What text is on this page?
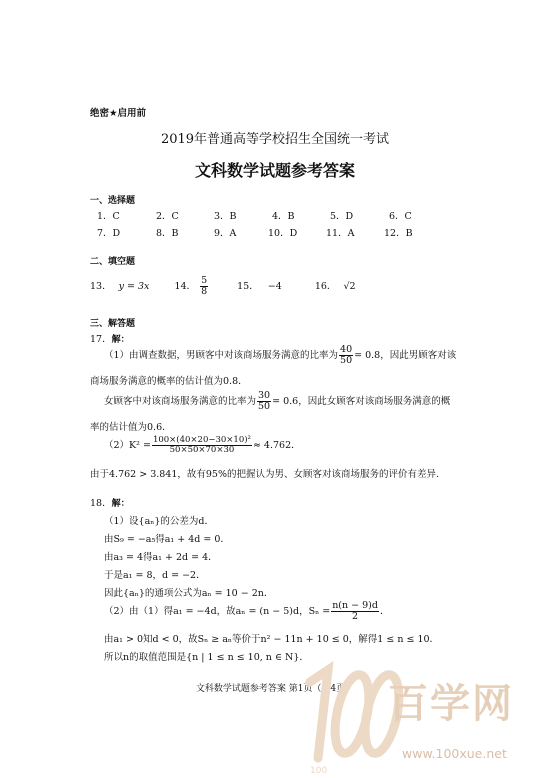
绝密★启用前
2019年普通高等学校招生全国统一考试
文科数学试题参考答案
一、选择题
1．C	2．C	3．B	4．B	5．D	6．C
7．D	8．B	9．A	10．D	11．A	12．B
二、填空题
13． y = 3x	14． $\frac{5}{8}$	15． −4	16． √2
三、解答题
17．解：
（1）由调查数据，男顾客中对该商场服务满意的比率为 $\frac{40}{50} = 0.8$，因此男顾客对该
商场服务满意的概率的估计值为0.8．
女顾客中对该商场服务满意的比率为 $\frac{30}{50} = 0.6$，因此女顾客对该商场服务满意的概
率的估计值为0.6．
$(2)K^2 = \frac{\text{100×(40×20−30×10)²}}{50\times 50\times 70\times 30} \approx 4.762$．
由于4.762 > 3.841，故有95%的把握认为男、女顾客对该商场服务的评价有差异.
18．解：
（1）设{aₙ}的公差为d．
由S₉ = −a₅得a₁ + 4d = 0．
由a₃ = 4得a₁ + 2d = 4．
于是a₁ = 8，d = −2．
因此{aₙ}的通项公式为aₙ = 10 − 2n．
（2）由（1）得a₁ = −4d，故aₙ = (n − 5)d，$S_n = \frac{n(n - 9)d}{2}$ ．
由a₁ > 0知d < 0，故Sₙ ≥ aₙ等价于n² − 11n + 10 ≤ 0，解得1 ≤ n ≤ 10．
所以n的取值范围是{n | 1 ≤ n ≤ 10, n ∈ N}．
文科数学试题参考答案 第1页（共4页）
100
百学网
www.100xue.net
